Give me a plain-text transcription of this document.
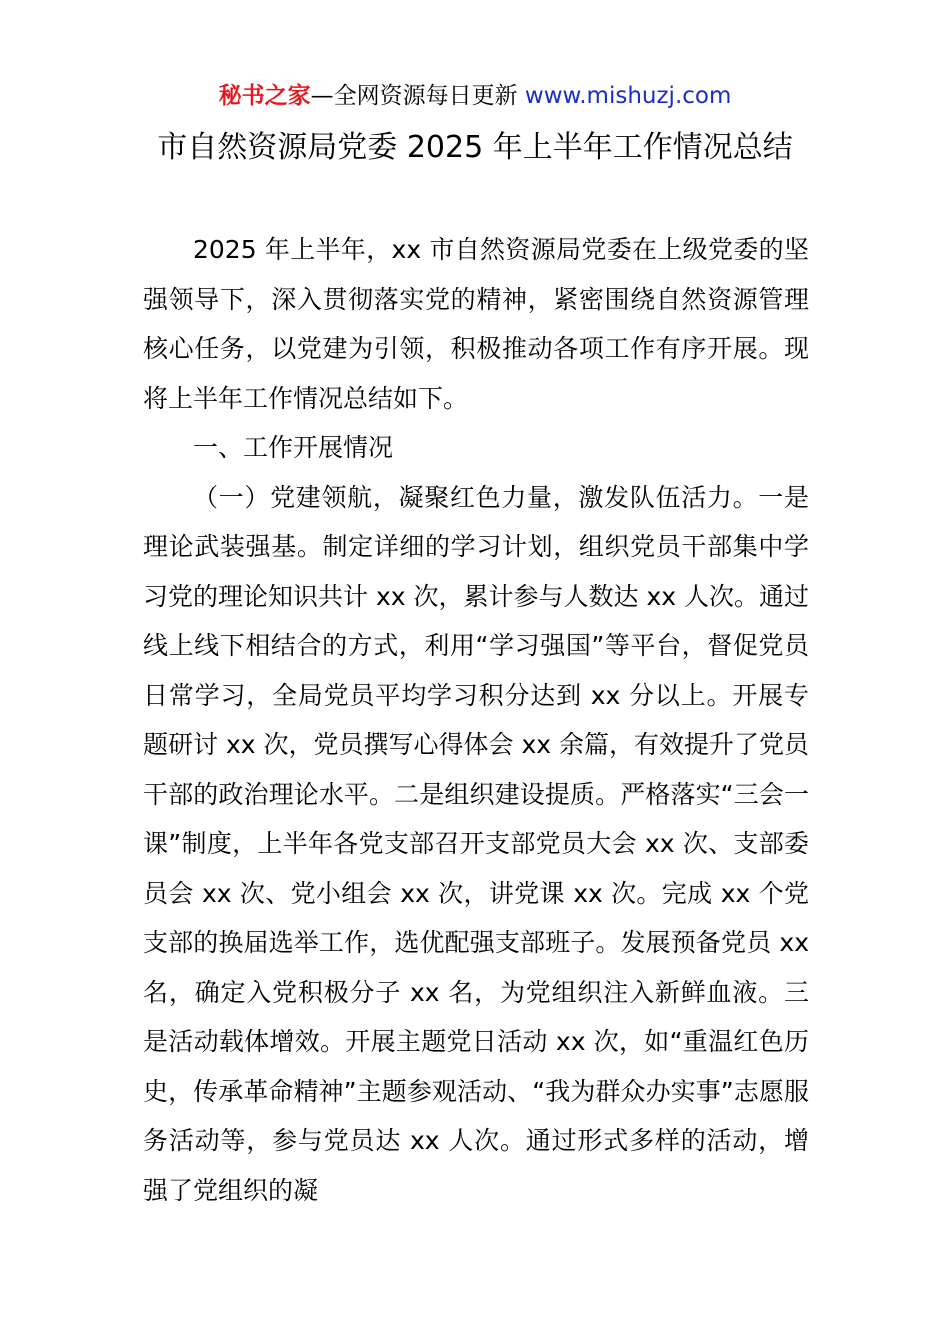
秘书之家—全网资源每日更新 www.mishuzj.com
市自然资源局党委 2025 年上半年工作情况总结

2025 年上半年，xx 市自然资源局党委在上级党委的坚强领导下，深入贯彻落实党的精神，紧密围绕自然资源管理核心任务，以党建为引领，积极推动各项工作有序开展。现将上半年工作情况总结如下。

一、工作开展情况

（一）党建领航，凝聚红色力量，激发队伍活力。一是理论武装强基。制定详细的学习计划，组织党员干部集中学习党的理论知识共计 xx 次，累计参与人数达 xx 人次。通过线上线下相结合的方式，利用“学习强国”等平台，督促党员日常学习，全局党员平均学习积分达到 xx 分以上。开展专题研讨 xx 次，党员撰写心得体会 xx 余篇，有效提升了党员干部的政治理论水平。二是组织建设提质。严格落实“三会一课”制度，上半年各党支部召开支部党员大会 xx 次、支部委员会 xx 次、党小组会 xx 次，讲党课 xx 次。完成 xx 个党支部的换届选举工作，选优配强支部班子。发展预备党员 xx 名，确定入党积极分子 xx 名，为党组织注入新鲜血液。三是活动载体增效。开展主题党日活动 xx 次，如“重温红色历史，传承革命精神”主题参观活动、“我为群众办实事”志愿服务活动等，参与党员达 xx 人次。通过形式多样的活动，增强了党组织的凝
